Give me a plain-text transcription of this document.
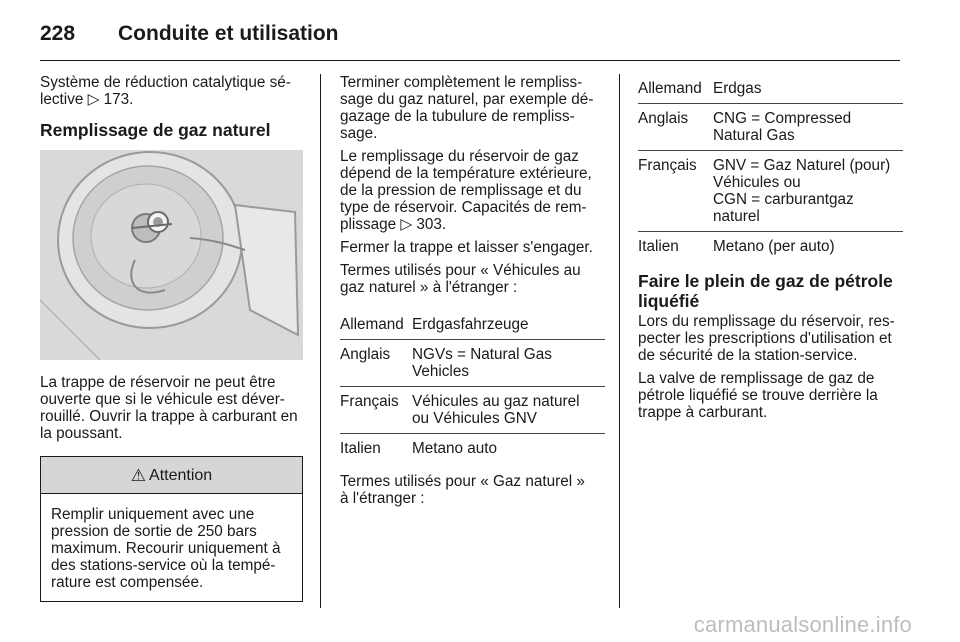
228 Conduite et utilisation

Système de réduction catalytique sé-
lective ▷ 173.

Remplissage de gaz naturel

La trappe de réservoir ne peut être
ouverte que si le véhicule est déver-
rouillé. Ouvrir la trappe à carburant en
la poussant.

⚠ Attention
Remplir uniquement avec une
pression de sortie de 250 bars
maximum. Recourir uniquement à
des stations-service où la tempé-
rature est compensée.

Terminer complètement le rempliss-
sage du gaz naturel, par exemple dé-
gazage de la tubulure de rempliss-
sage.

Le remplissage du réservoir de gaz
dépend de la température extérieure,
de la pression de remplissage et du
type de réservoir. Capacités de rem-
plissage ▷ 303.

Fermer la trappe et laisser s'engager.

Termes utilisés pour « Véhicules au
gaz naturel » à l'étranger :

Allemand Erdgasfahrzeuge
Anglais	NGVs = Natural Gas
Vehicles
Français Véhicules au gaz naturel
ou Véhicules GNV
Italien	Metano auto

Termes utilisés pour « Gaz naturel »
à l'étranger :

Allemand Erdgas
Anglais	CNG = Compressed
Natural Gas
Français	GNV = Gaz Naturel (pour)
Véhicules ou
CGN = carburantgaz
naturel
Italien	Metano (per auto)
Faire le plein de gaz de pétrole
liquéfié

Lors du remplissage du réservoir, res-
pecter les prescriptions d'utilisation et
de sécurité de la station-service.

La valve de remplissage de gaz de
pétrole liquéfié se trouve derrière la
trappe à carburant.

carmanualsonline.info
